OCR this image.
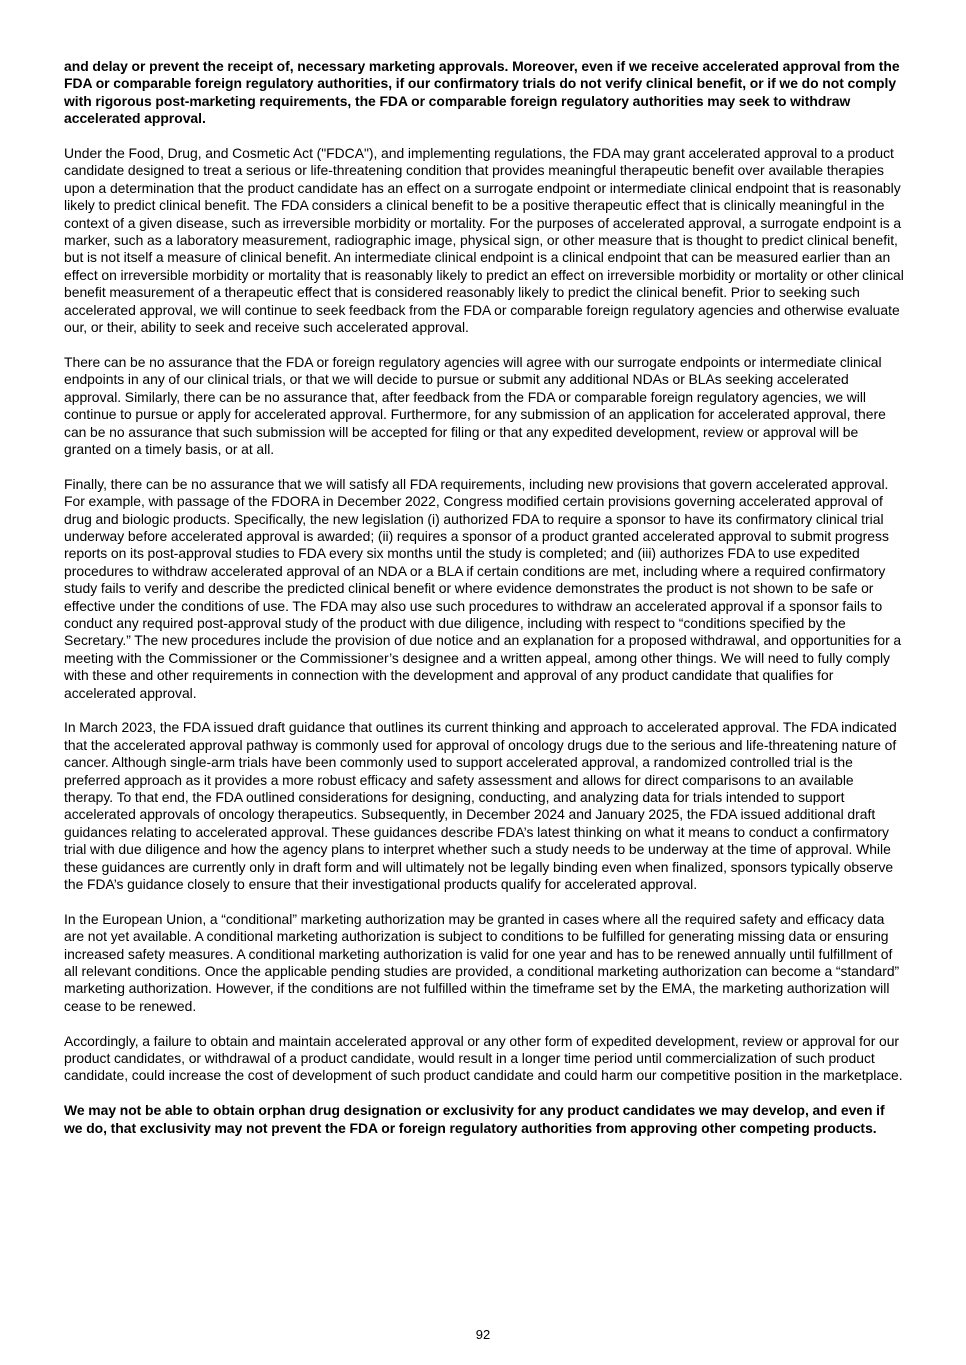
and delay or prevent the receipt of, necessary marketing approvals. Moreover, even if we receive accelerated approval from the FDA or comparable foreign regulatory authorities, if our confirmatory trials do not verify clinical benefit, or if we do not comply with rigorous post-marketing requirements, the FDA or comparable foreign regulatory authorities may seek to withdraw accelerated approval.

Under the Food, Drug, and Cosmetic Act ("FDCA"), and implementing regulations, the FDA may grant accelerated approval to a product candidate designed to treat a serious or life-threatening condition that provides meaningful therapeutic benefit over available therapies upon a determination that the product candidate has an effect on a surrogate endpoint or intermediate clinical endpoint that is reasonably likely to predict clinical benefit. The FDA considers a clinical benefit to be a positive therapeutic effect that is clinically meaningful in the context of a given disease, such as irreversible morbidity or mortality. For the purposes of accelerated approval, a surrogate endpoint is a marker, such as a laboratory measurement, radiographic image, physical sign, or other measure that is thought to predict clinical benefit, but is not itself a measure of clinical benefit. An intermediate clinical endpoint is a clinical endpoint that can be measured earlier than an effect on irreversible morbidity or mortality that is reasonably likely to predict an effect on irreversible morbidity or mortality or other clinical benefit measurement of a therapeutic effect that is considered reasonably likely to predict the clinical benefit. Prior to seeking such accelerated approval, we will continue to seek feedback from the FDA or comparable foreign regulatory agencies and otherwise evaluate our, or their, ability to seek and receive such accelerated approval.

There can be no assurance that the FDA or foreign regulatory agencies will agree with our surrogate endpoints or intermediate clinical endpoints in any of our clinical trials, or that we will decide to pursue or submit any additional NDAs or BLAs seeking accelerated approval. Similarly, there can be no assurance that, after feedback from the FDA or comparable foreign regulatory agencies, we will continue to pursue or apply for accelerated approval. Furthermore, for any submission of an application for accelerated approval, there can be no assurance that such submission will be accepted for filing or that any expedited development, review or approval will be granted on a timely basis, or at all.

Finally, there can be no assurance that we will satisfy all FDA requirements, including new provisions that govern accelerated approval. For example, with passage of the FDORA in December 2022, Congress modified certain provisions governing accelerated approval of drug and biologic products. Specifically, the new legislation (i) authorized FDA to require a sponsor to have its confirmatory clinical trial underway before accelerated approval is awarded; (ii) requires a sponsor of a product granted accelerated approval to submit progress reports on its post-approval studies to FDA every six months until the study is completed; and (iii) authorizes FDA to use expedited procedures to withdraw accelerated approval of an NDA or a BLA if certain conditions are met, including where a required confirmatory study fails to verify and describe the predicted clinical benefit or where evidence demonstrates the product is not shown to be safe or effective under the conditions of use. The FDA may also use such procedures to withdraw an accelerated approval if a sponsor fails to conduct any required post-approval study of the product with due diligence, including with respect to “conditions specified by the Secretary.” The new procedures include the provision of due notice and an explanation for a proposed withdrawal, and opportunities for a meeting with the Commissioner or the Commissioner’s designee and a written appeal, among other things. We will need to fully comply with these and other requirements in connection with the development and approval of any product candidate that qualifies for accelerated approval.

In March 2023, the FDA issued draft guidance that outlines its current thinking and approach to accelerated approval. The FDA indicated that the accelerated approval pathway is commonly used for approval of oncology drugs due to the serious and life-threatening nature of cancer. Although single-arm trials have been commonly used to support accelerated approval, a randomized controlled trial is the preferred approach as it provides a more robust efficacy and safety assessment and allows for direct comparisons to an available therapy. To that end, the FDA outlined considerations for designing, conducting, and analyzing data for trials intended to support accelerated approvals of oncology therapeutics. Subsequently, in December 2024 and January 2025, the FDA issued additional draft guidances relating to accelerated approval. These guidances describe FDA’s latest thinking on what it means to conduct a confirmatory trial with due diligence and how the agency plans to interpret whether such a study needs to be underway at the time of approval. While these guidances are currently only in draft form and will ultimately not be legally binding even when finalized, sponsors typically observe the FDA’s guidance closely to ensure that their investigational products qualify for accelerated approval.

In the European Union, a “conditional” marketing authorization may be granted in cases where all the required safety and efficacy data are not yet available. A conditional marketing authorization is subject to conditions to be fulfilled for generating missing data or ensuring increased safety measures. A conditional marketing authorization is valid for one year and has to be renewed annually until fulfillment of all relevant conditions. Once the applicable pending studies are provided, a conditional marketing authorization can become a “standard” marketing authorization. However, if the conditions are not fulfilled within the timeframe set by the EMA, the marketing authorization will cease to be renewed.

Accordingly, a failure to obtain and maintain accelerated approval or any other form of expedited development, review or approval for our product candidates, or withdrawal of a product candidate, would result in a longer time period until commercialization of such product candidate, could increase the cost of development of such product candidate and could harm our competitive position in the marketplace.

We may not be able to obtain orphan drug designation or exclusivity for any product candidates we may develop, and even if we do, that exclusivity may not prevent the FDA or foreign regulatory authorities from approving other competing products.

92
